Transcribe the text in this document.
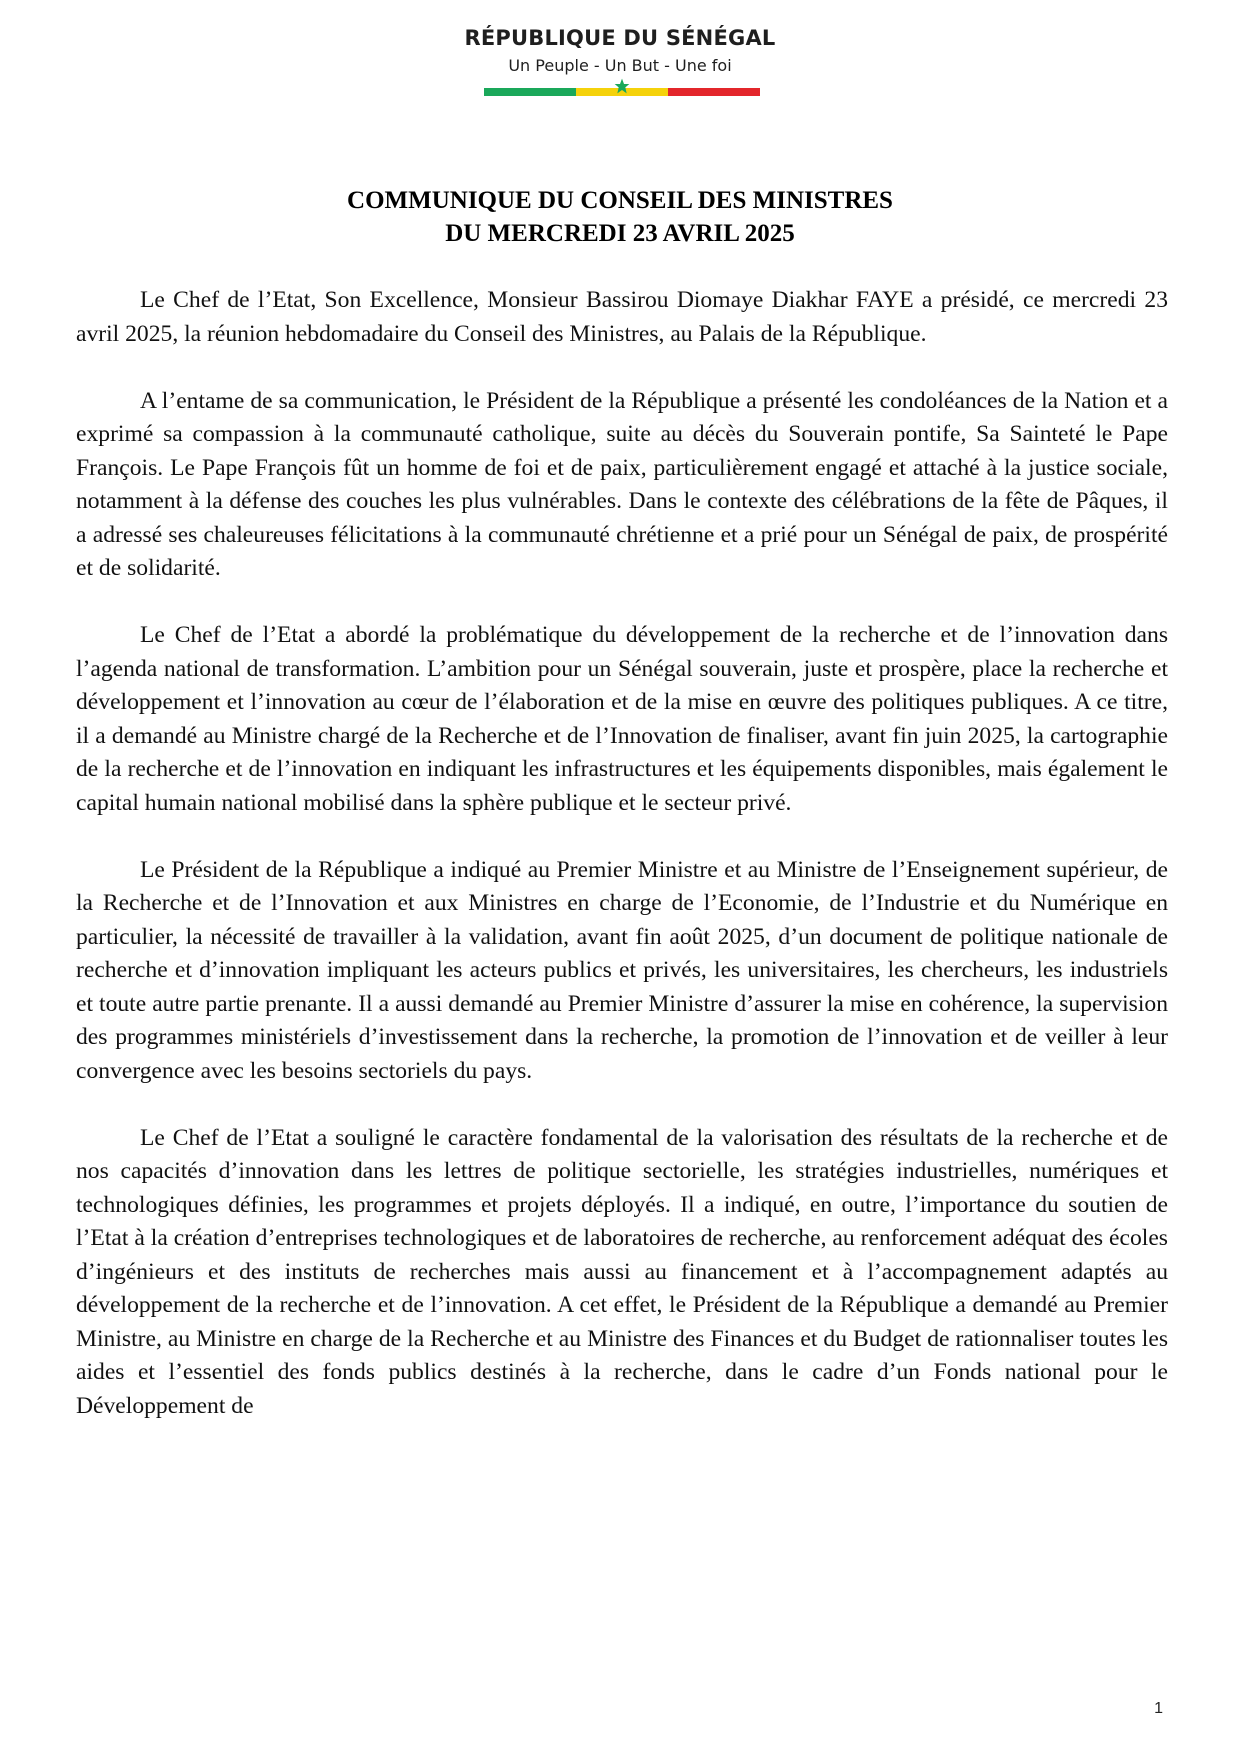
RÉPUBLIQUE DU SÉNÉGAL
Un Peuple - Un But - Une foi
COMMUNIQUE DU CONSEIL DES MINISTRES
DU MERCREDI 23 AVRIL 2025

Le Chef de l’Etat, Son Excellence, Monsieur Bassirou Diomaye Diakhar FAYE a présidé, ce mercredi 23 avril 2025, la réunion hebdomadaire du Conseil des Ministres, au Palais de la République.

A l’entame de sa communication, le Président de la République a présenté les condoléances de la Nation et a exprimé sa compassion à la communauté catholique, suite au décès du Souverain pontife, Sa Sainteté le Pape François. Le Pape François fût un homme de foi et de paix, particulièrement engagé et attaché à la justice sociale, notamment à la défense des couches les plus vulnérables. Dans le contexte des célébrations de la fête de Pâques, il a adressé ses chaleureuses félicitations à la communauté chrétienne et a prié pour un Sénégal de paix, de prospérité et de solidarité.

Le Chef de l’Etat a abordé la problématique du développement de la recherche et de l’innovation dans l’agenda national de transformation. L’ambition pour un Sénégal souverain, juste et prospère, place la recherche et développement et l’innovation au cœur de l’élaboration et de la mise en œuvre des politiques publiques. A ce titre, il a demandé au Ministre chargé de la Recherche et de l’Innovation de finaliser, avant fin juin 2025, la cartographie de la recherche et de l’innovation en indiquant les infrastructures et les équipements disponibles, mais également le capital humain national mobilisé dans la sphère publique et le secteur privé.

Le Président de la République a indiqué au Premier Ministre et au Ministre de l’Enseignement supérieur, de la Recherche et de l’Innovation et aux Ministres en charge de l’Economie, de l’Industrie et du Numérique en particulier, la nécessité de travailler à la validation, avant fin août 2025, d’un document de politique nationale de recherche et d’innovation impliquant les acteurs publics et privés, les universitaires, les chercheurs, les industriels et toute autre partie prenante. Il a aussi demandé au Premier Ministre d’assurer la mise en cohérence, la supervision des programmes ministériels d’investissement dans la recherche, la promotion de l’innovation et de veiller à leur convergence avec les besoins sectoriels du pays.

Le Chef de l’Etat a souligné le caractère fondamental de la valorisation des résultats de la recherche et de nos capacités d’innovation dans les lettres de politique sectorielle, les stratégies industrielles, numériques et technologiques définies, les programmes et projets déployés. Il a indiqué, en outre, l’importance du soutien de l’Etat à la création d’entreprises technologiques et de laboratoires de recherche, au renforcement adéquat des écoles d’ingénieurs et des instituts de recherches mais aussi au financement et à l’accompagnement adaptés au développement de la recherche et de l’innovation. A cet effet, le Président de la République a demandé au Premier Ministre, au Ministre en charge de la Recherche et au Ministre des Finances et du Budget de rationnaliser toutes les aides et l’essentiel des fonds publics destinés à la recherche, dans le cadre d’un Fonds national pour le Développement de

1
